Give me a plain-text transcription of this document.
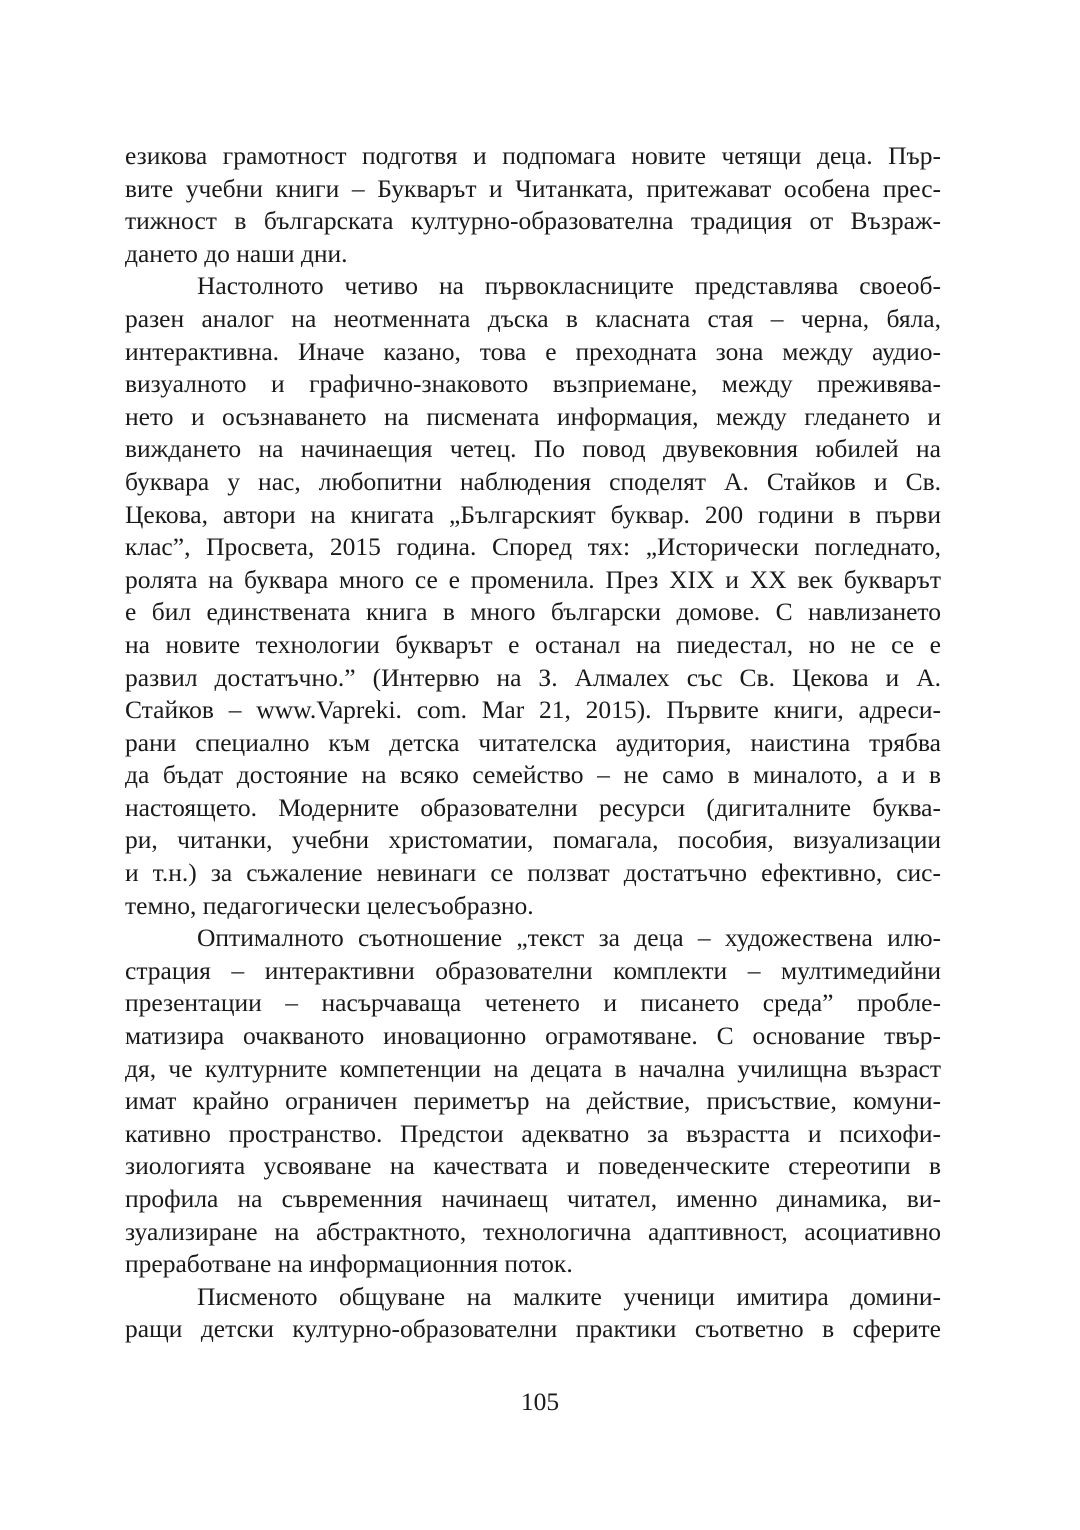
езикова грамотност подготвя и подпомага новите четящи деца. Пър-
вите учебни книги – Букварът и Читанката, притежават особена прес-
тижност в българската културно-образователна традиция от Възраж-
дането до наши дни.
Настолното четиво на първокласниците представлява своеоб-
разен аналог на неотменната дъска в класната стая – черна, бяла,
интерактивна. Иначе казано, това е преходната зона между аудио-
визуалното и графично-знаковото възприемане, между преживява-
нето и осъзнаването на писмената информация, между гледането и
виждането на начинаещия четец. По повод двувековния юбилей на
буквара у нас, любопитни наблюдения споделят А. Стайков и Св.
Цекова, автори на книгата „Българският буквар. 200 години в първи
клас”, Просвета, 2015 година. Според тях: „Исторически погледнато,
ролята на буквара много се е променила. През XIX и XX век букварът
е бил единствената книга в много български домове. С навлизането
на новите технологии букварът е останал на пиедестал, но не се е
развил достатъчно.” (Интервю на З. Алмалех със Св. Цекова и А.
Стайков – www.Vapreki. com. Mar 21, 2015). Първите книги, адреси-
рани специално към детска читателска аудитория, наистина трябва
да бъдат достояние на всяко семейство – не само в миналото, а и в
настоящето. Модерните образователни ресурси (дигиталните буква-
ри, читанки, учебни христоматии, помагала, пособия, визуализации
и т.н.) за съжаление невинаги се ползват достатъчно ефективно, сис-
темно, педагогически целесъобразно.
Оптималното съотношение „текст за деца – художествена илю-
страция – интерактивни образователни комплекти – мултимедийни
презентации – насърчаваща четенето и писането среда” пробле-
матизира очакваното иновационно ограмотяване. С основание твър-
дя, че културните компетенции на децата в начална училищна възраст
имат крайно ограничен периметър на действие, присъствие, комуни-
кативно пространство. Предстои адекватно за възрастта и психофи-
зиологията усвояване на качествата и поведенческите стереотипи в
профила на съвременния начинаещ читател, именно динамика, ви-
зуализиране на абстрактното, технологична адаптивност, асоциативно
преработване на информационния поток.
Писменото общуване на малките ученици имитира домини-
ращи детски културно-образователни практики съответно в сферите
105
